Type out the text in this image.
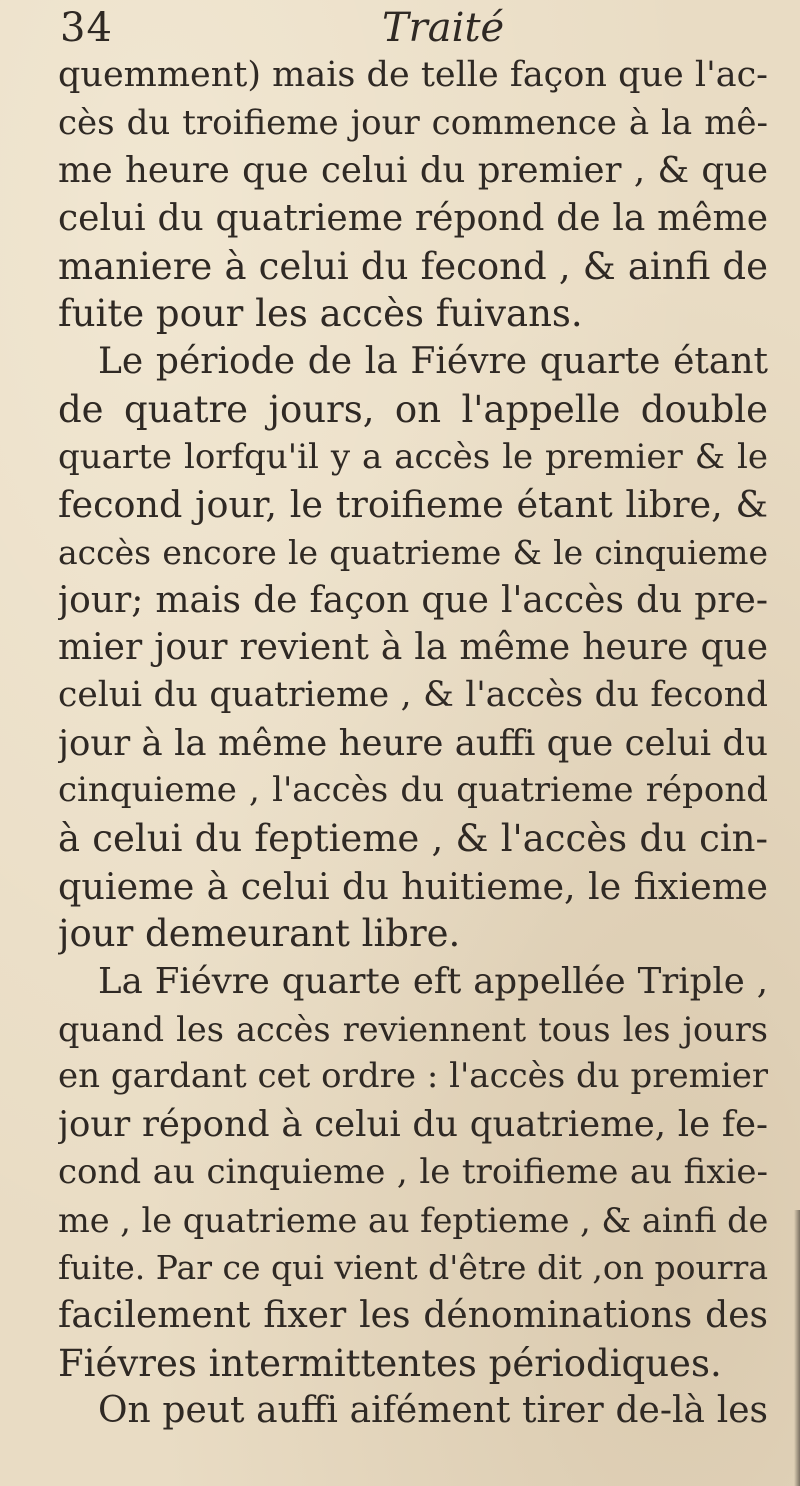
34	Traité
quemment) mais de telle façon que l'ac-
cès du troifieme jour commence à la mê-
me heure que celui du premier , & que
celui du quatrieme répond de la même
maniere à celui du fecond , & ainfi de
fuite pour les accès fuivans.
Le période de la Fiévre quarte étant
de quatre jours, on l'appelle double
quarte lorfqu'il y a accès le premier & le
fecond jour, le troifieme étant libre, &
accès encore le quatrieme & le cinquieme
jour; mais de façon que l'accès du pre-
mier jour revient à la même heure que
celui du quatrieme , & l'accès du fecond
jour à la même heure auffi que celui du
cinquieme , l'accès du quatrieme répond
à celui du feptieme , & l'accès du cin-
quieme à celui du huitieme, le fixieme
jour demeurant libre.
La Fiévre quarte eft appellée Triple ,
quand les accès reviennent tous les jours
en gardant cet ordre : l'accès du premier
jour répond à celui du quatrieme, le fe-
cond au cinquieme , le troifieme au fixie-
me , le quatrieme au feptieme , & ainfi de
fuite. Par ce qui vient d'être dit ,on pourra
facilement fixer les dénominations des
Fiévres intermittentes périodiques.
On peut auffi aifément tirer de-là les
